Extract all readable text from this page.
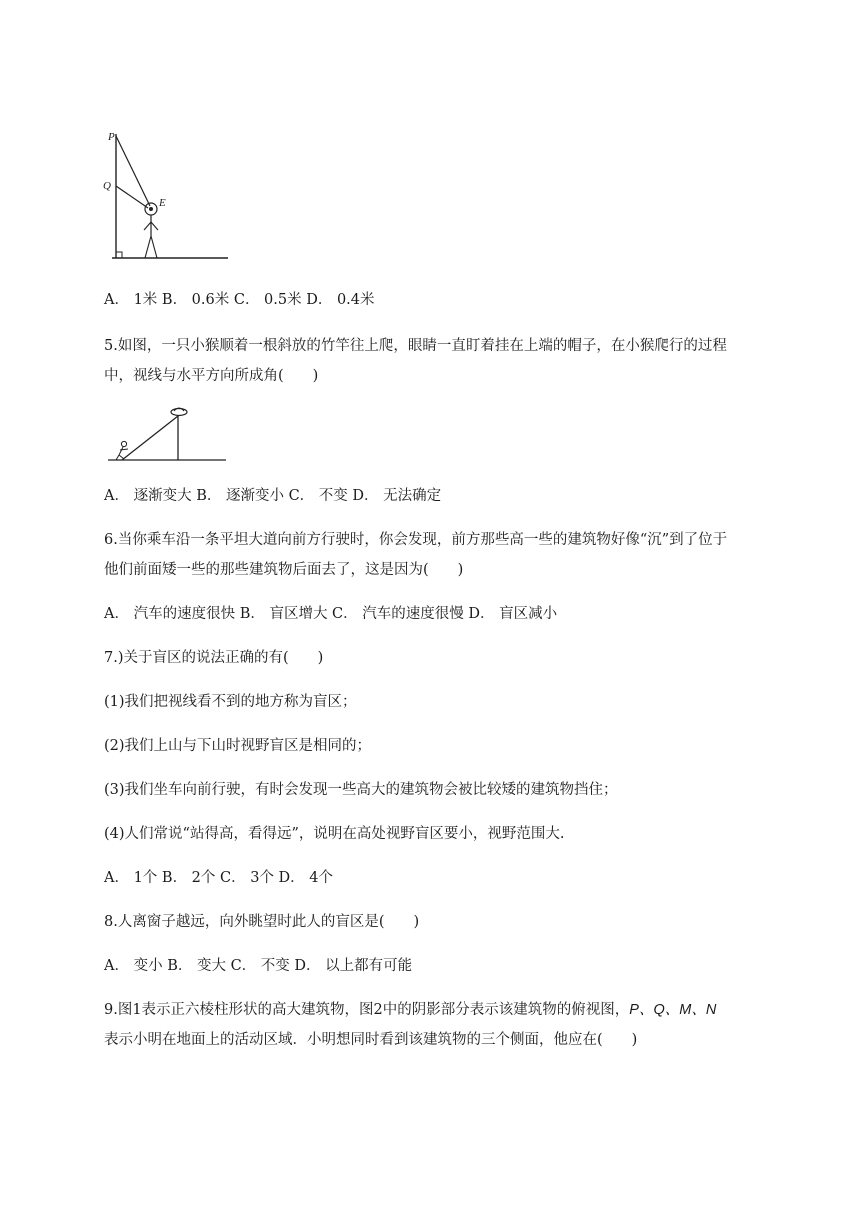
P
Q
E

A． 1米 B． 0.6米 C． 0.5米 D． 0.4米

5.如图，一只小猴顺着一根斜放的竹竿往上爬，眼睛一直盯着挂在上端的帽子，在小猴爬行的过程

中，视线与水平方向所成角(　　)

A． 逐渐变大 B． 逐渐变小 C． 不变 D． 无法确定

6.当你乘车沿一条平坦大道向前方行驶时，你会发现，前方那些高一些的建筑物好像“沉”到了位于

他们前面矮一些的那些建筑物后面去了，这是因为(　　)

A． 汽车的速度很快 B． 盲区增大 C． 汽车的速度很慢 D． 盲区减小

7.)关于盲区的说法正确的有(　　)

(1)我们把视线看不到的地方称为盲区；

(2)我们上山与下山时视野盲区是相同的；

(3)我们坐车向前行驶，有时会发现一些高大的建筑物会被比较矮的建筑物挡住；

(4)人们常说“站得高，看得远”，说明在高处视野盲区要小，视野范围大.

A． 1个 B． 2个 C． 3个 D． 4个

8.人离窗子越远，向外眺望时此人的盲区是(　　)

A． 变小 B． 变大 C． 不变 D． 以上都有可能

9.图1表示正六棱柱形状的高大建筑物，图2中的阴影部分表示该建筑物的俯视图，P、Q、M、N

表示小明在地面上的活动区域．小明想同时看到该建筑物的三个侧面，他应在(　　)
